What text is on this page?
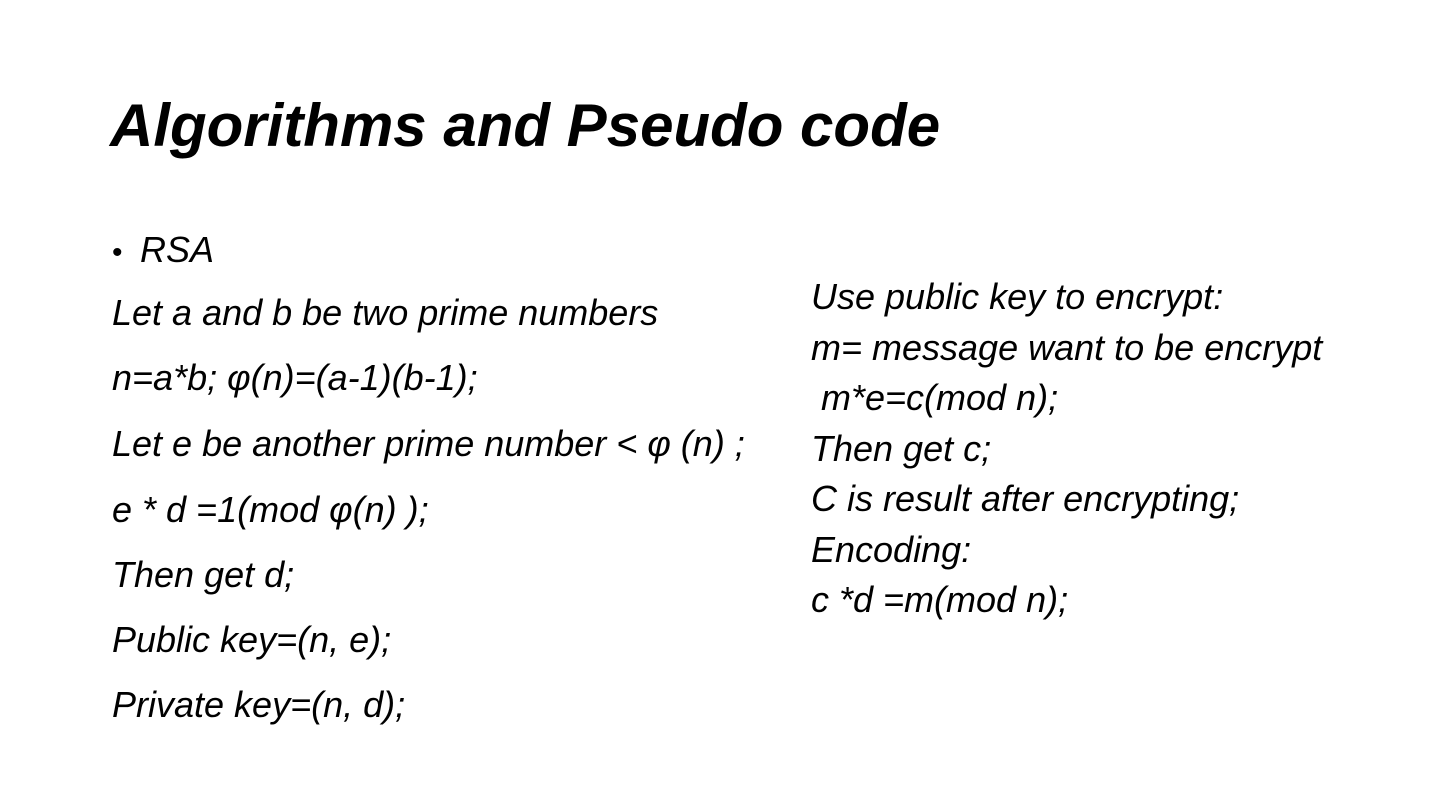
Algorithms and Pseudo code
• RSA

Let a and b be two prime numbers

n=a*b; φ(n)=(a-1)(b-1);

Let e be another prime number < φ (n) ;

e * d =1(mod φ(n) );

Then get d;

Public key=(n, e);

Private key=(n, d);

Use public key to encrypt:

m= message want to be encrypt

m*e=c(mod n);

Then get c;

C is result after encrypting;

Encoding:

c *d =m(mod n);
